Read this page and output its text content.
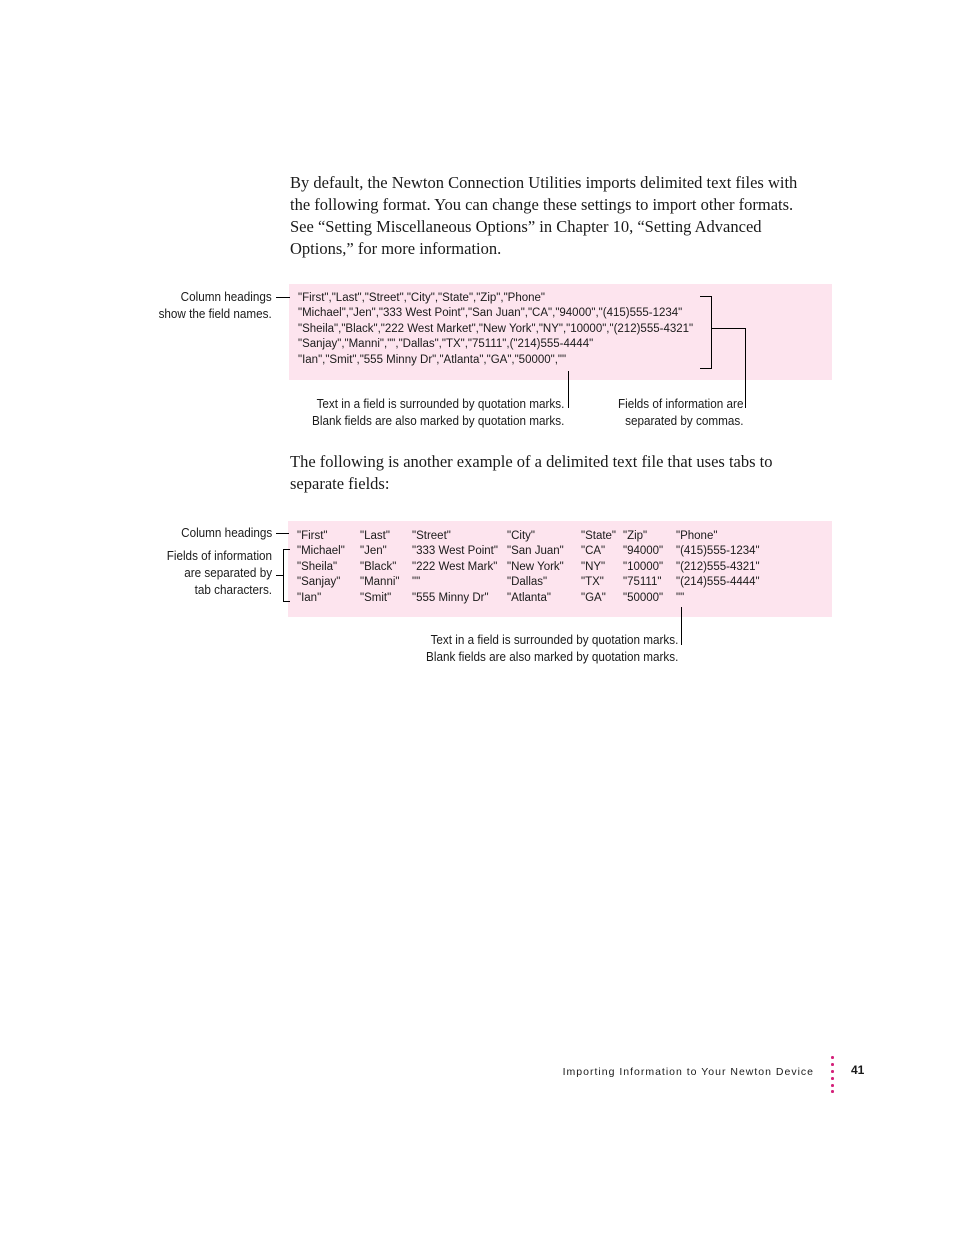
By default, the Newton Connection Utilities imports delimited text files with
the following format. You can change these settings to import other formats.
See “Setting Miscellaneous Options” in Chapter 10, “Setting Advanced
Options,” for more information.

Column headings
show the field names.
"First","Last","Street","City","State","Zip","Phone"
"Michael","Jen","333 West Point","San Juan","CA","94000","(415)555-1234"
"Sheila","Black","222 West Market","New York","NY","10000","(212)555-4321"
"Sanjay","Manni","","Dallas","TX","75111",("214)555-4444"
"Ian","Smit","555 Minny Dr","Atlanta","GA","50000",""
Text in a field is surrounded by quotation marks.
Blank fields are also marked by quotation marks.
Fields of information are
separated by commas.

The following is another example of a delimited text file that uses tabs to
separate fields:

Column headings
Fields of information
are separated by
tab characters.
"First"	"Last" "Street"	"City"	"State" "Zip"	"Phone"
"Michael" "Jen" "333 West Point" "San Juan" "CA" "94000" "(415)555-1234"
"Sheila" "Black" "222 West Mark" "New York" "NY" "10000" "(212)555-4321"
"Sanjay" "Manni" ""	"Dallas"	"TX" "75111" "(214)555-4444"
"Ian"	"Smit" "555 Minny Dr" "Atlanta"	"GA" "50000" ""
Text in a field is surrounded by quotation marks.
Blank fields are also marked by quotation marks.
Importing Information to Your Newton Device	41
